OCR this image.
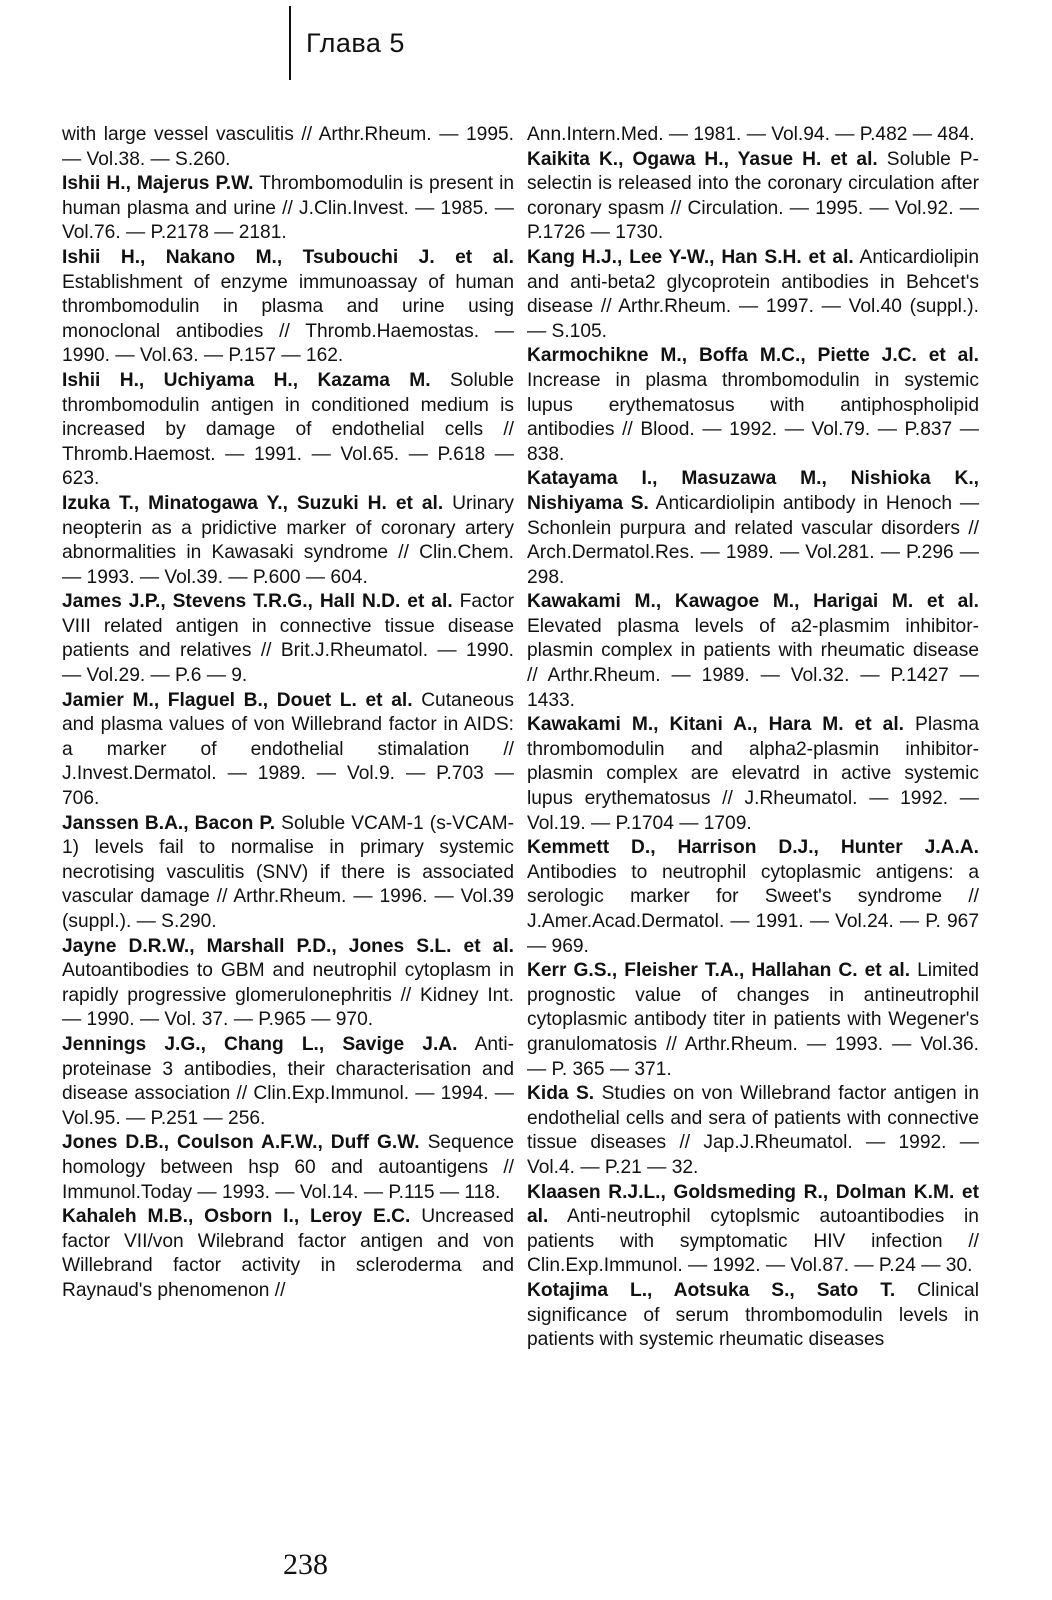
Глава 5

with large vessel vasculitis // Arthr.Rheum. — 1995. — Vol.38. — S.260.

Ishii H., Majerus P.W. Thrombomodulin is present in human plasma and urine // J.Clin.Invest. — 1985. — Vol.76. — P.2178 — 2181.

Ishii H., Nakano M., Tsubouchi J. et al. Establishment of enzyme immunoassay of human thrombomodulin in plasma and urine using monoclonal antibodies // Thromb.Haemostas. — 1990. — Vol.63. — P.157 — 162.

Ishii H., Uchiyama H., Kazama M. Soluble thrombomodulin antigen in conditioned medium is increased by damage of endothelial cells // Thromb.Haemost. — 1991. — Vol.65. — P.618 — 623.

Izuka T., Minatogawa Y., Suzuki H. et al. Urinary neopterin as a pridictive marker of coronary artery abnormalities in Kawasaki syndrome // Clin.Chem. — 1993. — Vol.39. — P.600 — 604.

James J.P., Stevens T.R.G., Hall N.D. et al. Factor VIII related antigen in connective tissue disease patients and relatives // Brit.J.Rheumatol. — 1990. — Vol.29. — P.6 — 9.

Jamier M., Flaguel B., Douet L. et al. Cutaneous and plasma values of von Willebrand factor in AIDS: a marker of endothelial stimalation // J.Invest.Dermatol. — 1989. — Vol.9. — P.703 — 706.

Janssen B.A., Bacon P. Soluble VCAM-1 (s-VCAM-1) levels fail to normalise in primary systemic necrotising vasculitis (SNV) if there is associated vascular damage // Arthr.Rheum. — 1996. — Vol.39 (suppl.). — S.290.

Jayne D.R.W., Marshall P.D., Jones S.L. et al. Autoantibodies to GBM and neutrophil cytoplasm in rapidly progressive glomerulonephritis // Kidney Int. — 1990. — Vol. 37. — P.965 — 970.

Jennings J.G., Chang L., Savige J.A. Anti-proteinase 3 antibodies, their characterisation and disease association // Clin.Exp.Immunol. — 1994. — Vol.95. — P.251 — 256.

Jones D.B., Coulson A.F.W., Duff G.W. Sequence homology between hsp 60 and autoantigens // Immunol.Today — 1993. — Vol.14. — P.115 — 118.

Kahaleh M.B., Osborn I., Leroy E.C. Uncreased factor VII/von Wilebrand factor antigen and von Willebrand factor activity in scleroderma and Raynaud's phenomenon //

Ann.Intern.Med. — 1981. — Vol.94. — P.482 — 484.

Kaikita K., Ogawa H., Yasue H. et al. Soluble P-selectin is released into the coronary circulation after coronary spasm // Circulation. — 1995. — Vol.92. — P.1726 — 1730.

Kang H.J., Lee Y-W., Han S.H. et al. Anticardiolipin and anti-beta2 glycoprotein antibodies in Behcet's disease // Arthr.Rheum. — 1997. — Vol.40 (suppl.). — S.105.

Karmochikne M., Boffa M.C., Piette J.C. et al. Increase in plasma thrombomodulin in systemic lupus erythematosus with antiphospholipid antibodies // Blood. — 1992. — Vol.79. — P.837 — 838.

Katayama I., Masuzawa M., Nishioka K., Nishiyama S. Anticardiolipin antibody in Henoch — Schonlein purpura and related vascular disorders // Arch.Dermatol.Res. — 1989. — Vol.281. — P.296 — 298.

Kawakami M., Kawagoe M., Harigai M. et al. Elevated plasma levels of a2-plasmim inhibitor-plasmin complex in patients with rheumatic disease // Arthr.Rheum. — 1989. — Vol.32. — P.1427 — 1433.

Kawakami M., Kitani A., Hara M. et al. Plasma thrombomodulin and alpha2-plasmin inhibitor-plasmin complex are elevatrd in active systemic lupus erythematosus // J.Rheumatol. — 1992. — Vol.19. — P.1704 — 1709.

Kemmett D., Harrison D.J., Hunter J.A.A. Antibodies to neutrophil cytoplasmic antigens: a serologic marker for Sweet's syndrome // J.Amer.Acad.Dermatol. — 1991. — Vol.24. — P. 967 — 969.

Kerr G.S., Fleisher T.A., Hallahan C. et al. Limited prognostic value of changes in antineutrophil cytoplasmic antibody titer in patients with Wegener's granulomatosis // Arthr.Rheum. — 1993. — Vol.36. — P. 365 — 371.

Kida S. Studies on von Willebrand factor antigen in endothelial cells and sera of patients with connective tissue diseases // Jap.J.Rheumatol. — 1992. — Vol.4. — P.21 — 32.

Klaasen R.J.L., Goldsmeding R., Dolman K.M. et al. Anti-neutrophil cytoplsmic autoantibodies in patients with symptomatic HIV infection // Clin.Exp.Immunol. — 1992. — Vol.87. — P.24 — 30.

Kotajima L., Aotsuka S., Sato T. Clinical significance of serum thrombomodulin levels in patients with systemic rheumatic diseases

238
